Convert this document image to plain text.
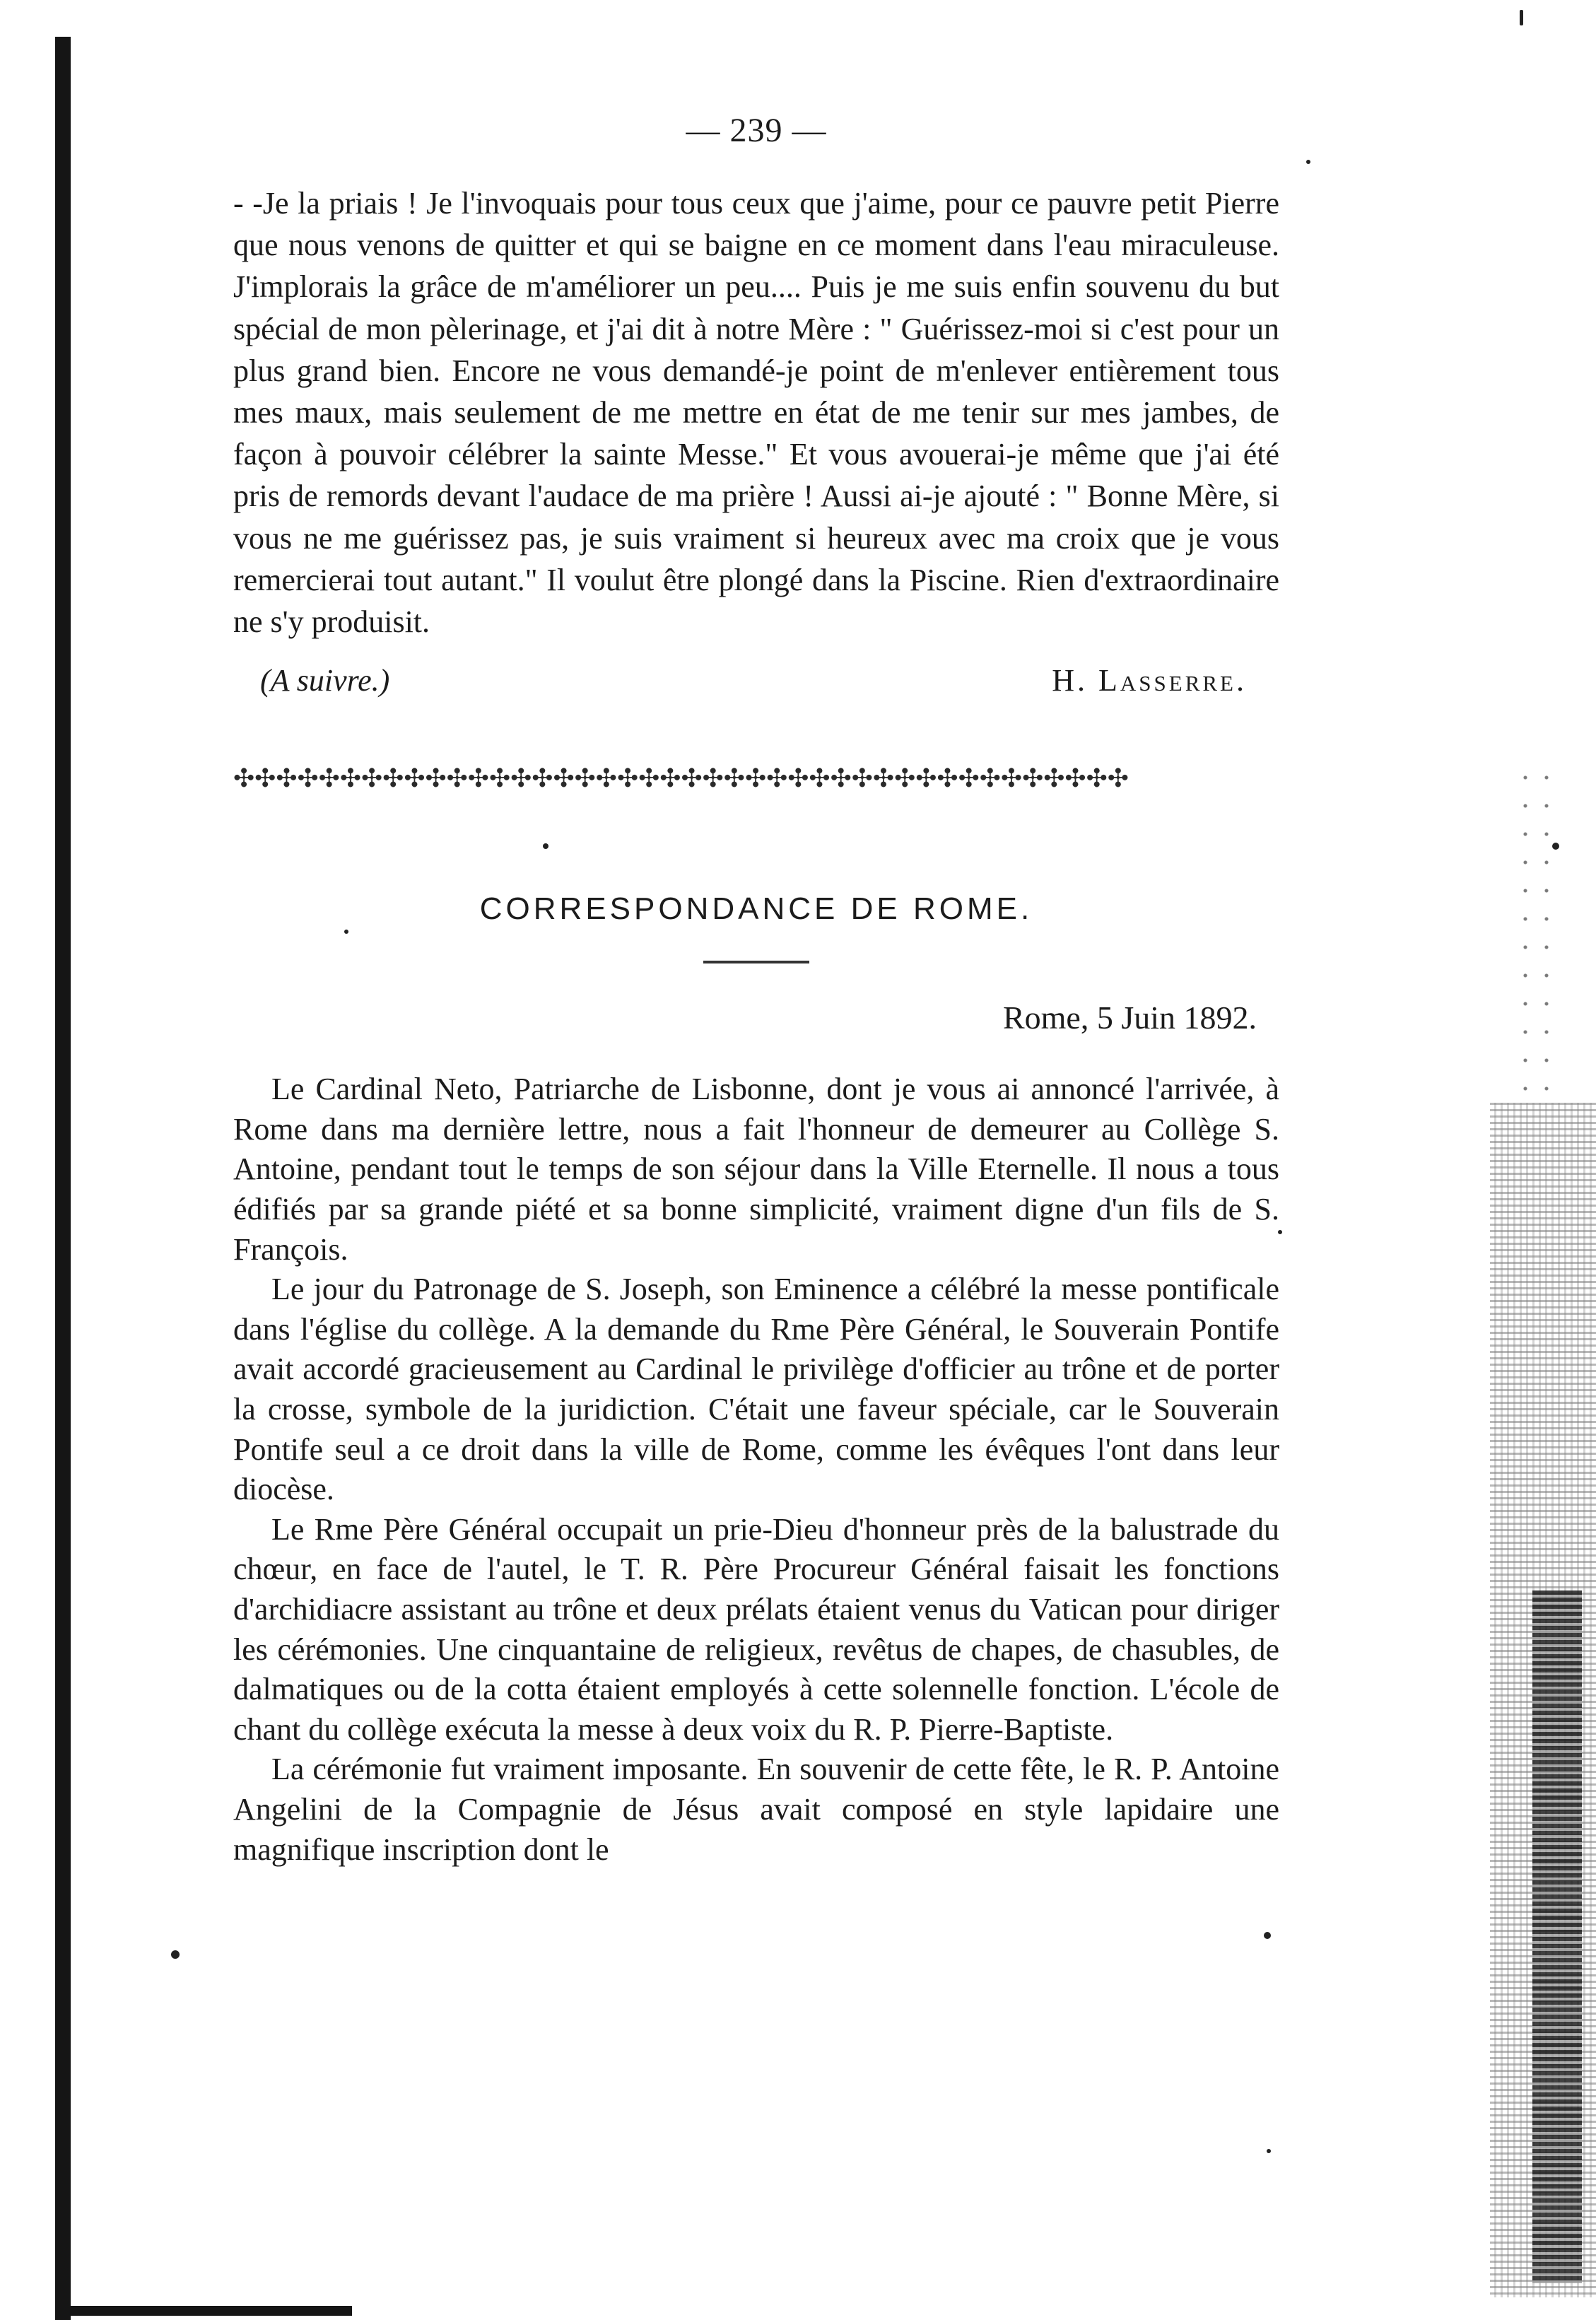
— 239 —

- -Je la priais ! Je l'invoquais pour tous ceux que j'aime, pour ce pauvre petit Pierre que nous venons de quitter et qui se baigne en ce moment dans l'eau miraculeuse. J'implorais la grâce de m'améliorer un peu.... Puis je me suis enfin souvenu du but spécial de mon pèlerinage, et j'ai dit à notre Mère : " Guérissez-moi si c'est pour un plus grand bien. Encore ne vous demandé-je point de m'enlever entièrement tous mes maux, mais seulement de me mettre en état de me tenir sur mes jambes, de façon à pouvoir célébrer la sainte Messe." Et vous avouerai-je même que j'ai été pris de remords devant l'audace de ma prière ! Aussi ai-je ajouté : " Bonne Mère, si vous ne me guérissez pas, je suis vraiment si heureux avec ma croix que je vous remercierai tout autant." Il voulut être plongé dans la Piscine. Rien d'extraordinaire ne s'y produisit.

(A suivre.)	H. Lasserre.
✣✣✣✣✣✣✣✣✣✣✣✣✣✣✣✣✣✣✣✣✣✣✣✣✣✣✣✣✣✣✣✣✣✣✣✣✣✣✣✣✣✣
CORRESPONDANCE DE ROME.
Rome, 5 Juin 1892.

Le Cardinal Neto, Patriarche de Lisbonne, dont je vous ai annoncé l'arrivée, à Rome dans ma dernière lettre, nous a fait l'honneur de demeurer au Collège S. Antoine, pendant tout le temps de son séjour dans la Ville Eternelle. Il nous a tous édifiés par sa grande piété et sa bonne simplicité, vraiment digne d'un fils de S. François.

Le jour du Patronage de S. Joseph, son Eminence a célébré la messe pontificale dans l'église du collège. A la demande du Rme Père Général, le Souverain Pontife avait accordé gracieusement au Cardinal le privilège d'officier au trône et de porter la crosse, symbole de la juridiction. C'était une faveur spéciale, car le Souverain Pontife seul a ce droit dans la ville de Rome, comme les évêques l'ont dans leur diocèse.

Le Rme Père Général occupait un prie-Dieu d'honneur près de la balustrade du chœur, en face de l'autel, le T. R. Père Procureur Général faisait les fonctions d'archidiacre assistant au trône et deux prélats étaient venus du Vatican pour diriger les cérémonies. Une cinquantaine de religieux, revêtus de chapes, de chasubles, de dalmatiques ou de la cotta étaient employés à cette solennelle fonction. L'école de chant du collège exécuta la messe à deux voix du R. P. Pierre-Baptiste.

La cérémonie fut vraiment imposante. En souvenir de cette fête, le R. P. Antoine Angelini de la Compagnie de Jésus avait composé en style lapidaire une magnifique inscription dont le
